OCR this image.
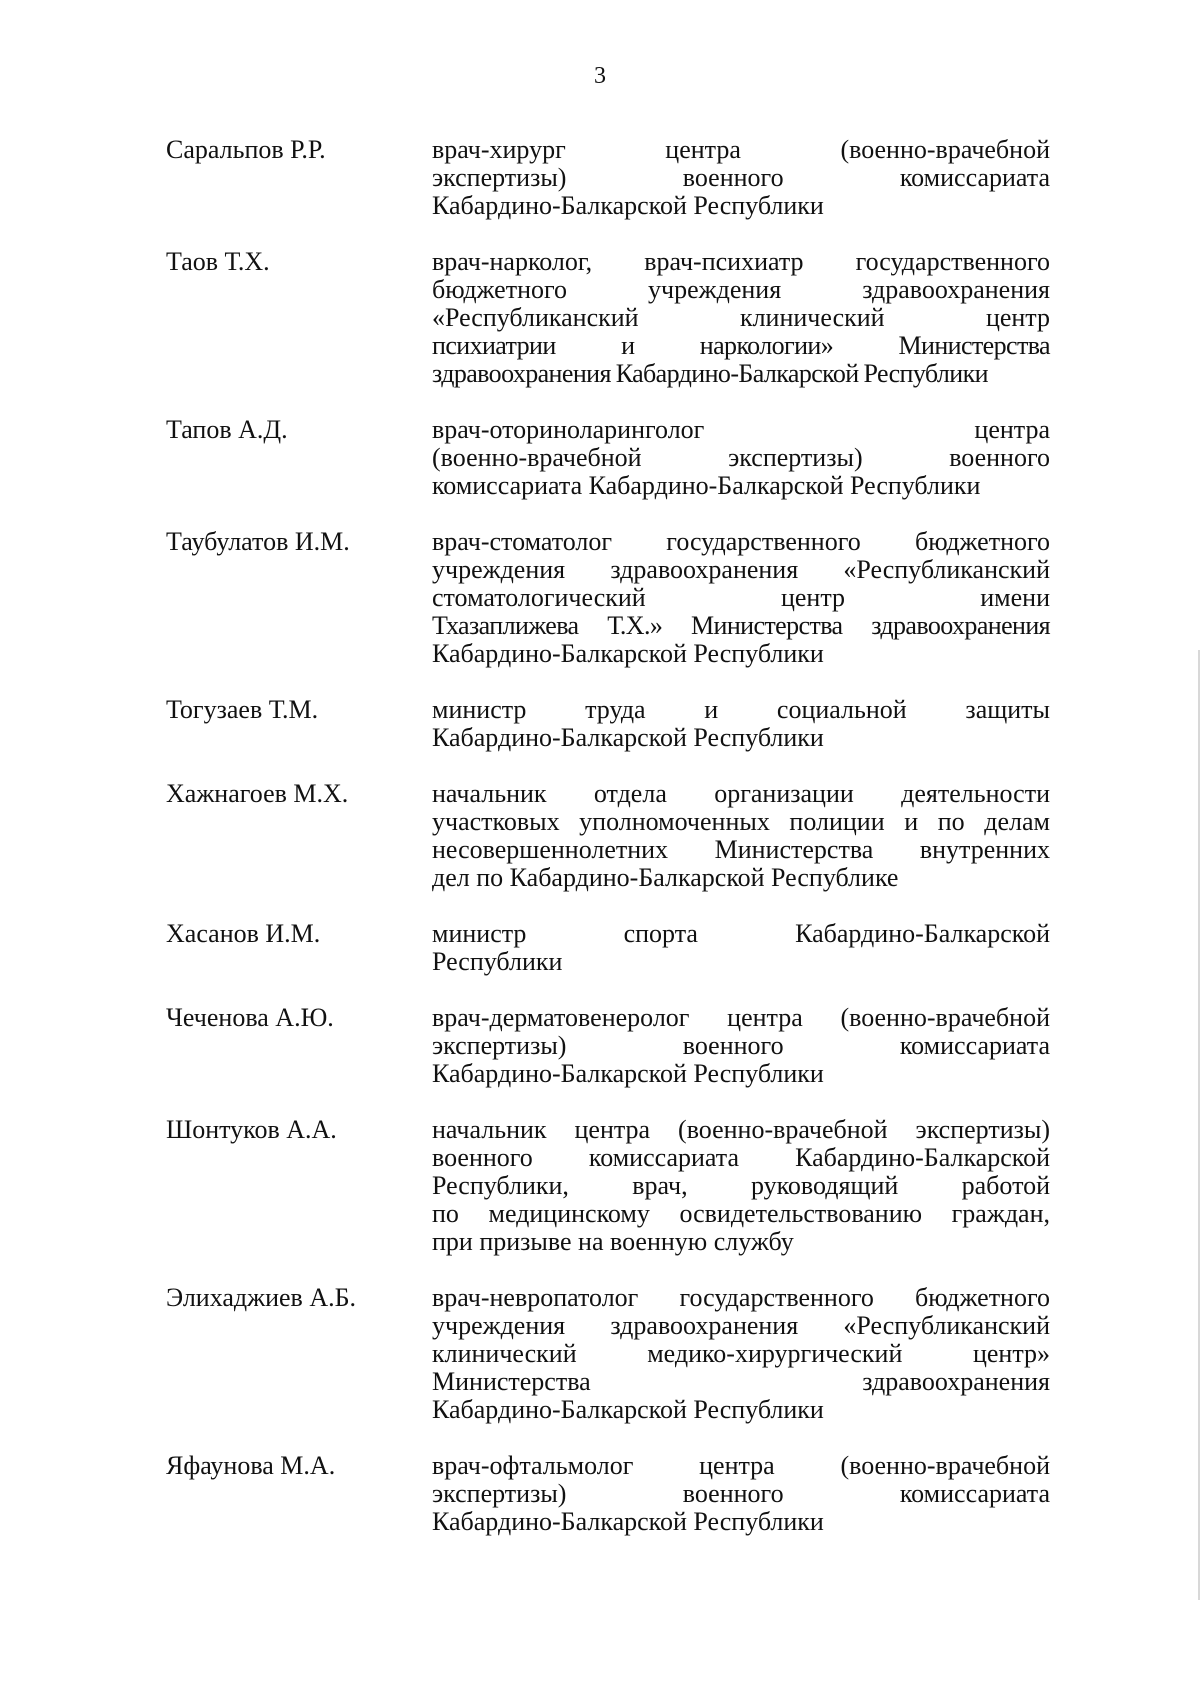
3
Саральпов Р.Р.	врач-хирург центра (военно-врачебной
экспертизы) военного комиссариата
Кабардино-Балкарской Республики
Таов Т.Х.	врач-нарколог, врач-психиатр государственного
бюджетного учреждения здравоохранения
«Республиканский клинический центр
психиатрии и наркологии» Министерства
здравоохранения Кабардино-Балкарской Республики
Тапов А.Д.	врач-оториноларинголог центра
(военно-врачебной экспертизы) военного
комиссариата Кабардино-Балкарской Республики
Таубулатов И.М.	врач-стоматолог государственного бюджетного
учреждения здравоохранения «Республиканский
стоматологический центр имени
Тхазаплижева Т.Х.» Министерства здравоохранения
Кабардино-Балкарской Республики
Тогузаев Т.М.	министр труда и социальной защиты
Кабардино-Балкарской Республики
Хажнагоев М.Х.	начальник отдела организации деятельности
участковых уполномоченных полиции и по делам
несовершеннолетних Министерства внутренних
дел по Кабардино-Балкарской Республике
Хасанов И.М.	министр спорта Кабардино-Балкарской
Республики
Чеченова А.Ю.	врач-дерматовенеролог центра (военно-врачебной
экспертизы) военного комиссариата
Кабардино-Балкарской Республики
Шонтуков А.А.	начальник центра (военно-врачебной экспертизы)
военного комиссариата Кабардино-Балкарской
Республики, врач, руководящий работой
по медицинскому освидетельствованию граждан,
при призыве на военную службу
Элихаджиев А.Б.	врач-невропатолог государственного бюджетного
учреждения здравоохранения «Республиканский
клинический медико-хирургический центр»
Министерства здравоохранения
Кабардино-Балкарской Республики
Яфаунова М.А.	врач-офтальмолог центра (военно-врачебной
экспертизы) военного комиссариата
Кабардино-Балкарской Республики
